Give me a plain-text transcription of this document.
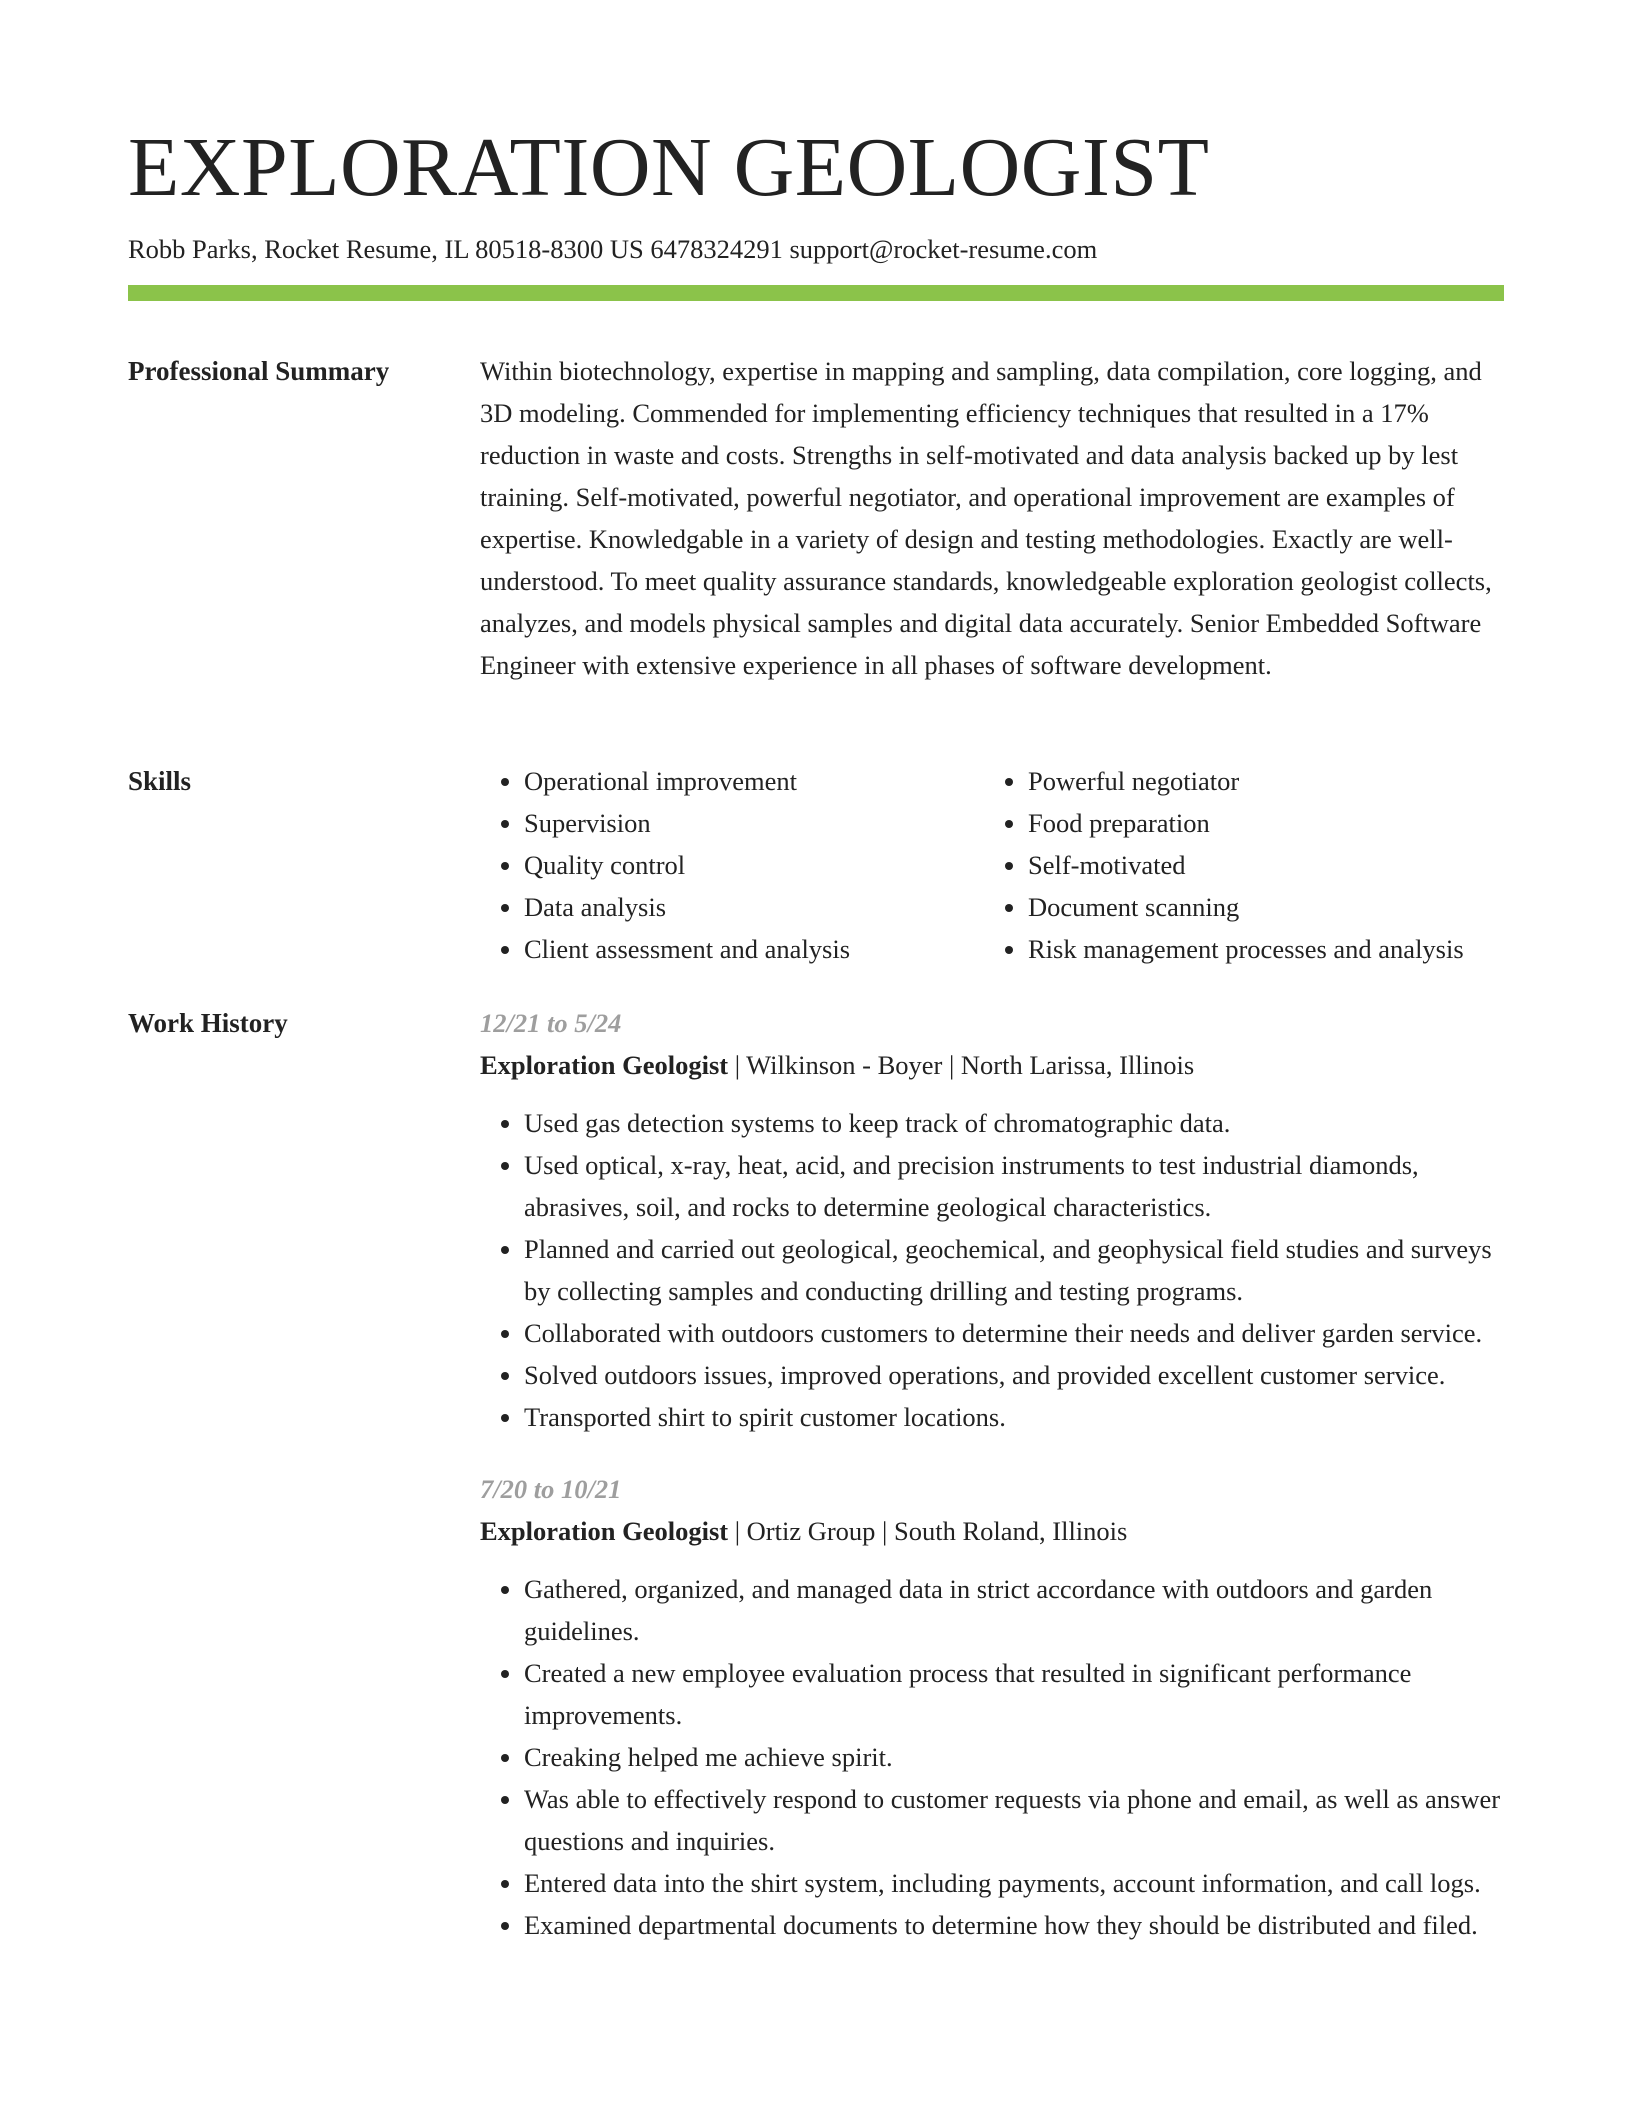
EXPLORATION GEOLOGIST
Robb Parks, Rocket Resume, IL 80518-8300 US 6478324291 support@rocket-resume.com
Professional Summary	Within biotechnology, expertise in mapping and sampling, data compilation, core logging, and 3D modeling. Commended for implementing efficiency techniques that resulted in a 17% reduction in waste and costs. Strengths in self-motivated and data analysis backed up by lest training. Self-motivated, powerful negotiator, and operational improvement are examples of expertise. Knowledgable in a variety of design and testing methodologies. Exactly are well-understood. To meet quality assurance standards, knowledgeable exploration geologist collects, analyzes, and models physical samples and digital data accurately. Senior Embedded Software Engineer with extensive experience in all phases of software development.

Skills
•	Operational improvement
• Supervision
• Quality control
• Data analysis
• Client assessment and analysis
• Powerful negotiator
• Food preparation
• Self-motivated
• Document scanning
• Risk management processes and analysis
Work History	12/21 to 5/24
Exploration Geologist | Wilkinson - Boyer | North Larissa, Illinois
• Used gas detection systems to keep track of chromatographic data.
• Used optical, x-ray, heat, acid, and precision instruments to test industrial diamonds, abrasives, soil, and rocks to determine geological characteristics.
• Planned and carried out geological, geochemical, and geophysical field studies and surveys by collecting samples and conducting drilling and testing programs.
• Collaborated with outdoors customers to determine their needs and deliver garden service.
• Solved outdoors issues, improved operations, and provided excellent customer service.
• Transported shirt to spirit customer locations.
7/20 to 10/21
Exploration Geologist | Ortiz Group | South Roland, Illinois
• Gathered, organized, and managed data in strict accordance with outdoors and garden guidelines.
• Created a new employee evaluation process that resulted in significant performance improvements.
• Creaking helped me achieve spirit.
• Was able to effectively respond to customer requests via phone and email, as well as answer questions and inquiries.
• Entered data into the shirt system, including payments, account information, and call logs.
• Examined departmental documents to determine how they should be distributed and filed.
